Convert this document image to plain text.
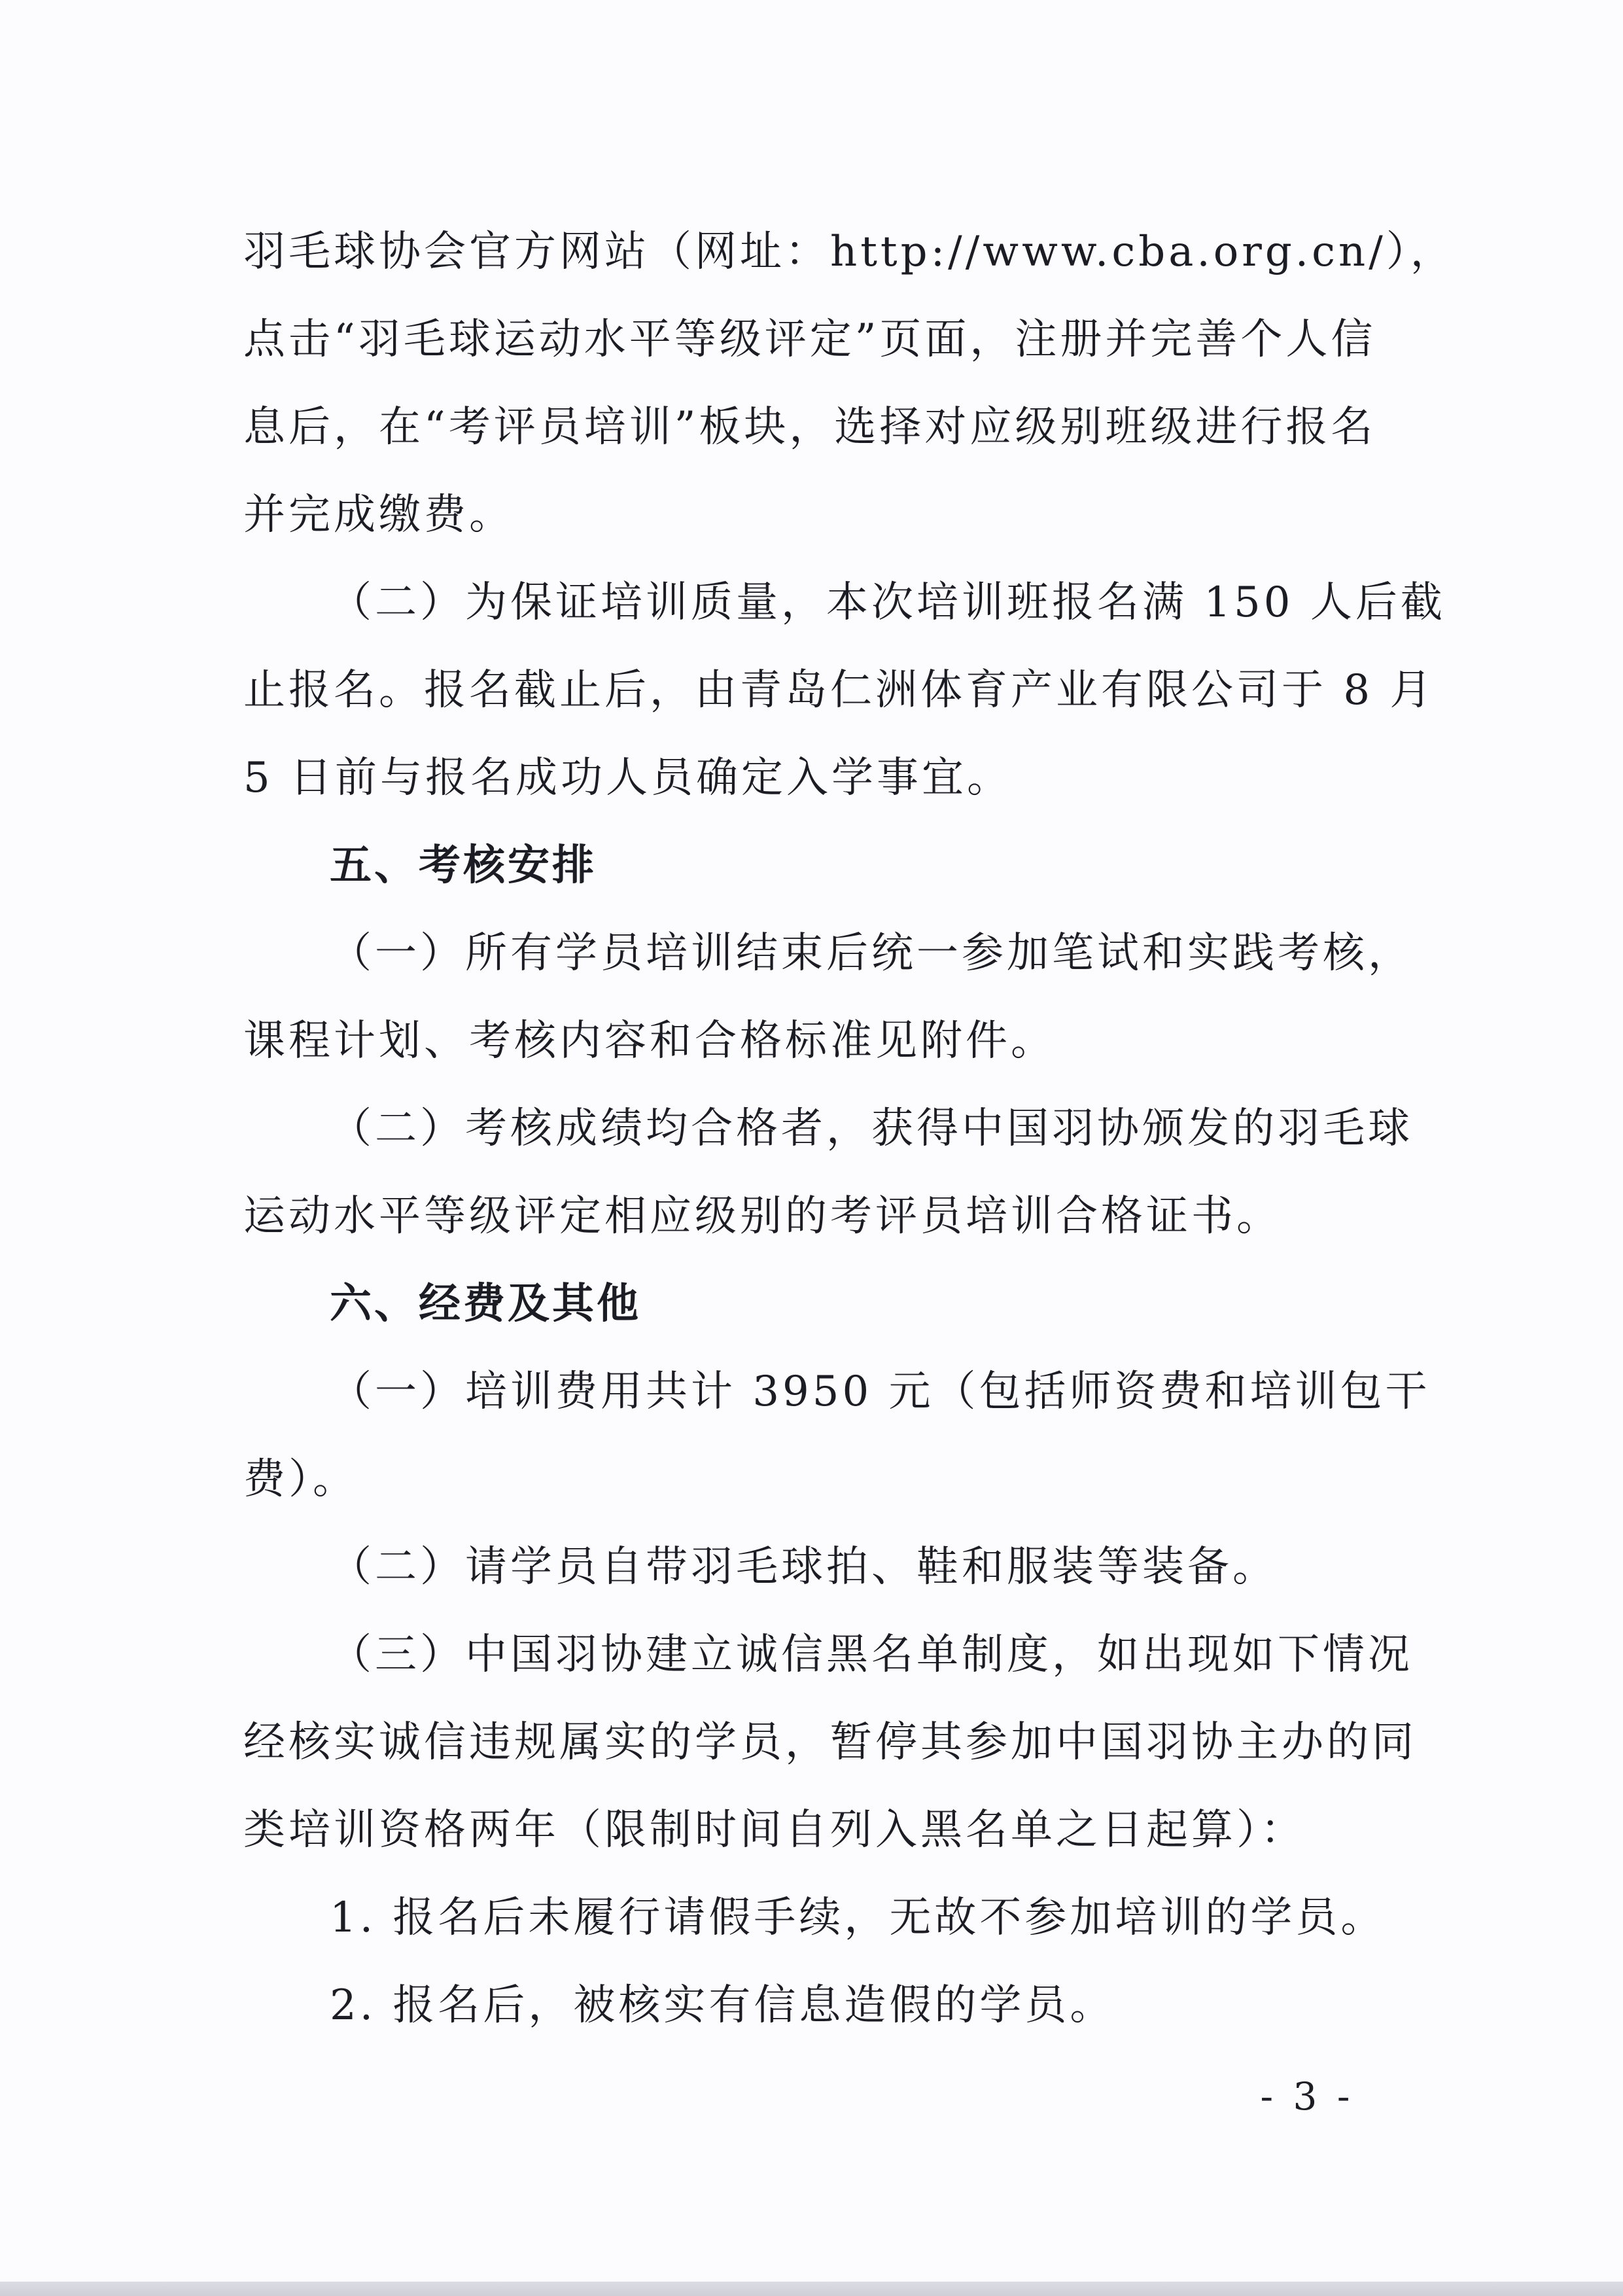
羽毛球协会官方网站（网址：http://www.cba.org.cn/），
点击“羽毛球运动水平等级评定”页面，注册并完善个人信
息后，在“考评员培训”板块，选择对应级别班级进行报名
并完成缴费。
（二）为保证培训质量，本次培训班报名满 150 人后截
止报名。报名截止后，由青岛仁洲体育产业有限公司于 8 月
5 日前与报名成功人员确定入学事宜。
五、考核安排
（一）所有学员培训结束后统一参加笔试和实践考核，
课程计划、考核内容和合格标准见附件。
（二）考核成绩均合格者，获得中国羽协颁发的羽毛球
运动水平等级评定相应级别的考评员培训合格证书。
六、经费及其他
（一）培训费用共计 3950 元（包括师资费和培训包干
费）。
（二）请学员自带羽毛球拍、鞋和服装等装备。
（三）中国羽协建立诚信黑名单制度，如出现如下情况
经核实诚信违规属实的学员，暂停其参加中国羽协主办的同
类培训资格两年（限制时间自列入黑名单之日起算）：
1. 报名后未履行请假手续，无故不参加培训的学员。
2. 报名后，被核实有信息造假的学员。
- 3 -
